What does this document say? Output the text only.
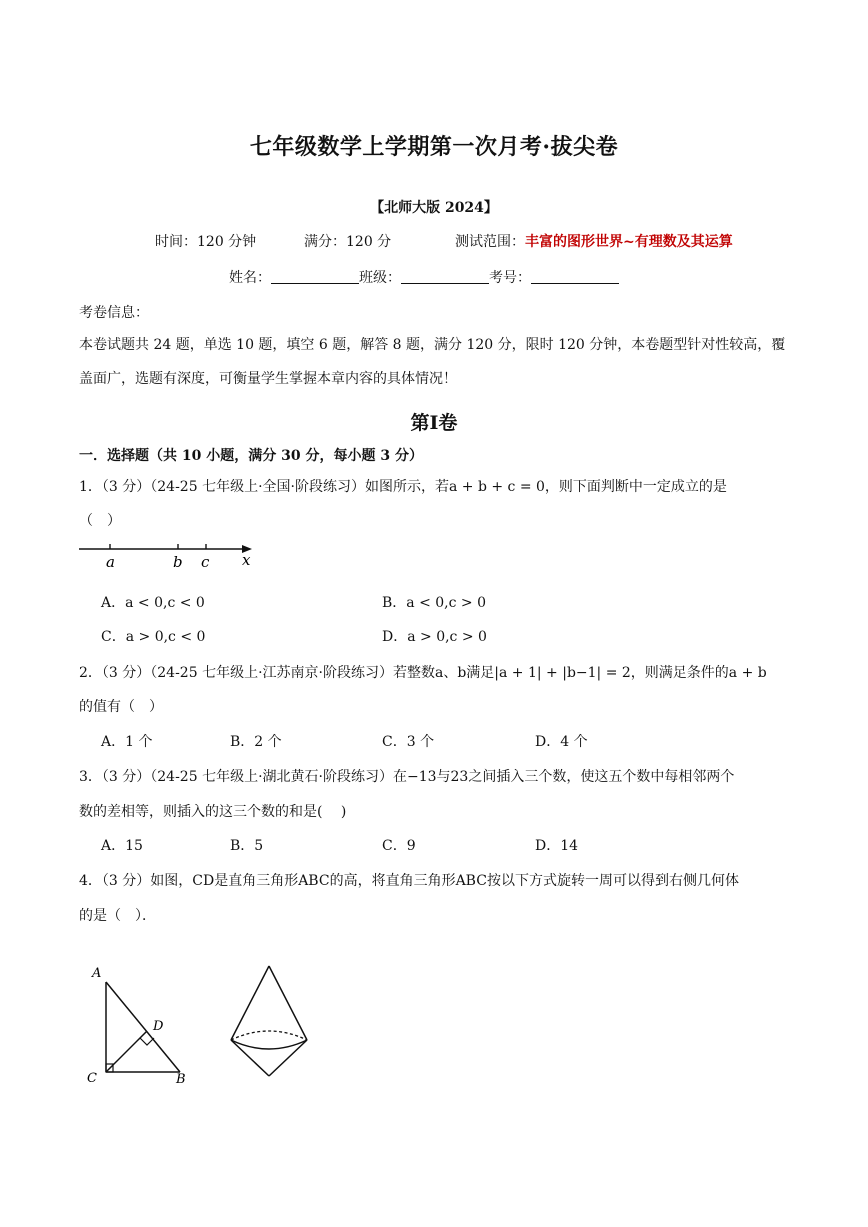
七年级数学上学期第一次月考·拔尖卷
【北师大版 2024】
时间：120 分钟	满分：120 分	测试范围：丰富的图形世界~有理数及其运算
姓名：	班级：	考号：
考卷信息：
本卷试题共 24 题，单选 10 题，填空 6 题，解答 8 题，满分 120 分，限时 120 分钟，本卷题型针对性较高，覆盖面广，选题有深度，可衡量学生掌握本章内容的具体情况！
第Ⅰ卷
一．选择题（共 10 小题，满分 30 分，每小题 3 分）
1．（3 分）（24-25 七年级上·全国·阶段练习）如图所示，若a + b + c = 0，则下面判断中一定成立的是
（　）
a	b c x
A．a < 0,c < 0	B．a < 0,c > 0
C．a > 0,c < 0	D．a > 0,c > 0
2．（3 分）（24-25 七年级上·江苏南京·阶段练习）若整数a、b满足|a + 1| + |b−1| = 2，则满足条件的a + b
的值有（　）
A．1 个	B．2 个	C．3 个	D．4 个
3．（3 分）（24-25 七年级上·湖北黄石·阶段练习）在−13与23之间插入三个数，使这五个数中每相邻两个
数的差相等，则插入的这三个数的和是(　 )
A．15	B．5	C．9	D．14
4．（3 分）如图，CD是直角三角形ABC的高，将直角三角形ABC按以下方式旋转一周可以得到右侧几何体
的是（　）．
A
D
C	B
